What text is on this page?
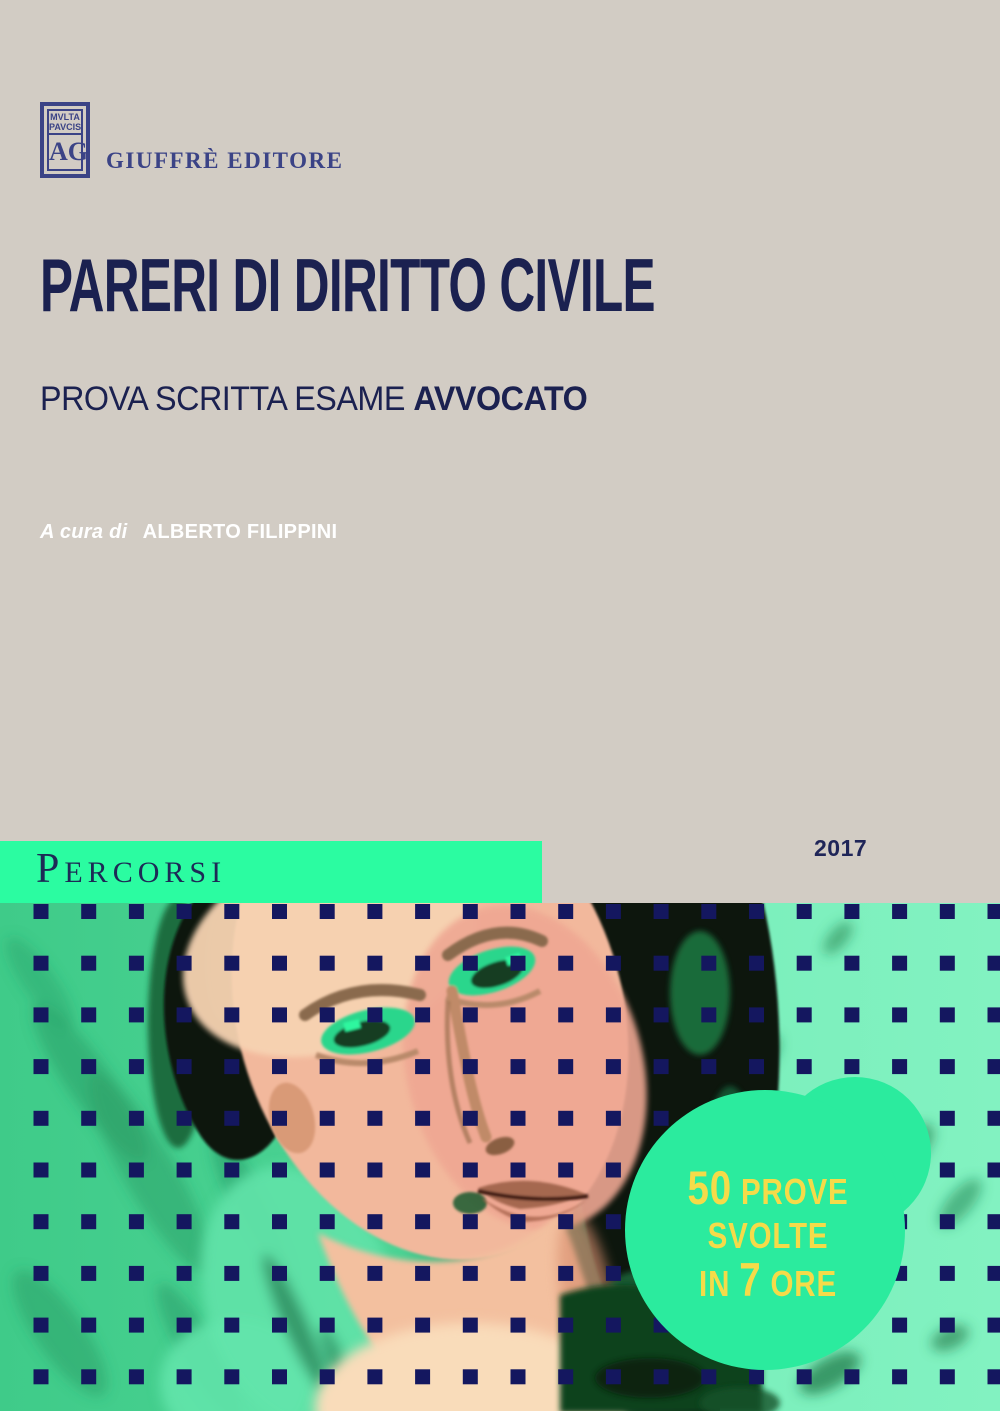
MVLTA
PAVCIS
AG GIUFFRÈ EDITORE
PARERI DI DIRITTO CIVILE
PROVA SCRITTA ESAME AVVOCATO
A cura di ALBERTO FILIPPINI
2017
PERCORSI
50 PROVE
SVOLTE
IN 7 ORE
